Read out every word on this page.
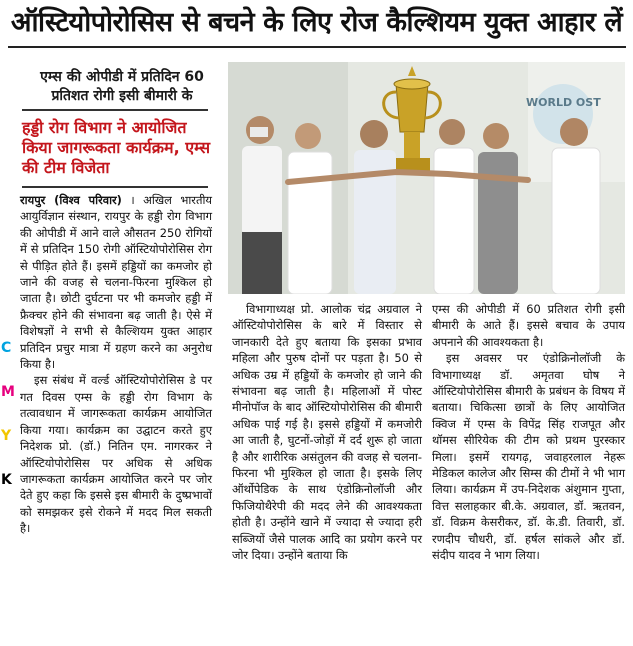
ऑस्टियोपोरोसिस से बचने के लिए रोज कैल्शियम युक्त आहार लें
C
M
Y
K
एम्स की ओपीडी में प्रतिदिन 60 प्रतिशत रोगी इसी बीमारी के
हड्डी रोग विभाग ने आयोजित किया जागरूकता कार्यक्रम, एम्स की टीम विजेता
WORLD OST

रायपुर (विश्व परिवार) । अखिल भारतीय आयुर्विज्ञान संस्थान, रायपुर के हड्डी रोग विभाग की ओपीडी में आने वाले औसतन 250 रोगियों में से प्रतिदिन 150 रोगी ऑस्टियोपोरोसिस रोग से पीड़ित होते हैं। इसमें हड्डियों का कमजोर हो जाने की वजह से चलना-फिरना मुश्किल हो जाता है। छोटी दुर्घटना पर भी कमजोर हड्डी में फ्रैक्चर होने की संभावना बढ़ जाती है। ऐसे में विशेषज्ञों ने सभी से कैल्शियम युक्त आहार प्रतिदिन प्रचुर मात्रा में ग्रहण करने का अनुरोध किया है।

इस संबंध में वर्ल्ड ऑस्टियोपोरोसिस डे पर गत दिवस एम्स के हड्डी रोग विभाग के तत्वावधान में जागरूकता कार्यक्रम आयोजित किया गया। कार्यक्रम का उद्घाटन करते हुए निदेशक प्रो. (डॉ.) नितिन एम. नागरकर ने ऑस्टियोपोरोसिस पर अधिक से अधिक जागरूकता कार्यक्रम आयोजित करने पर जोर देते हुए कहा कि इससे इस बीमारी के दुष्प्रभावों को समझकर इसे रोकने में मदद मिल सकती है।

विभागाध्यक्ष प्रो. आलोक चंद्र अग्रवाल ने ऑस्टियोपोरोसिस के बारे में विस्तार से जानकारी देते हुए बताया कि इसका प्रभाव महिला और पुरुष दोनों पर पड़ता है। 50 से अधिक उम्र में हड्डियों के कमजोर हो जाने की संभावना बढ़ जाती है। महिलाओं में पोस्ट मीनोपॉज के बाद ऑस्टियोपोरोसिस की बीमारी अधिक पाई गई है। इससे हड्डियों में कमजोरी आ जाती है, घुटनों-जोड़ों में दर्द शुरू हो जाता है और शारीरिक असंतुलन की वजह से चलना-फिरना भी मुश्किल हो जाता है। इसके लिए ऑर्थोपेडिक के साथ एंडोक्रिनोलॉजी और फिजियोथैरेपी की मदद लेने की आवश्यकता होती है। उन्होंने खाने में ज्यादा से ज्यादा हरी सब्जियों जैसे पालक आदि का प्रयोग करने पर जोर दिया। उन्होंने बताया कि

एम्स की ओपीडी में 60 प्रतिशत रोगी इसी बीमारी के आते हैं। इससे बचाव के उपाय अपनाने की आवश्यकता है।

इस अवसर पर एंडोक्रिनोलॉजी के विभागाध्यक्ष डॉ. अमृतवा घोष ने ऑस्टियोपोरोसिस बीमारी के प्रबंधन के विषय में बताया। चिकित्सा छात्रों के लिए आयोजित क्विज में एम्स के विपेंद्र सिंह राजपूत और थॉमस सीरियेक की टीम को प्रथम पुरस्कार मिला। इसमें रायगढ़, जवाहरलाल नेहरू मेडिकल कालेज और सिम्स की टीमों ने भी भाग लिया। कार्यक्रम में उप-निदेशक अंशुमान गुप्ता, वित्त सलाहकार बी.के. अग्रवाल, डॉ. ऋतवन, डॉ. विक्रम केसरीकर, डॉ. के.डी. तिवारी, डॉ. रणदीप चौधरी, डॉ. हर्षल सांकले और डॉ. संदीप यादव ने भाग लिया।
